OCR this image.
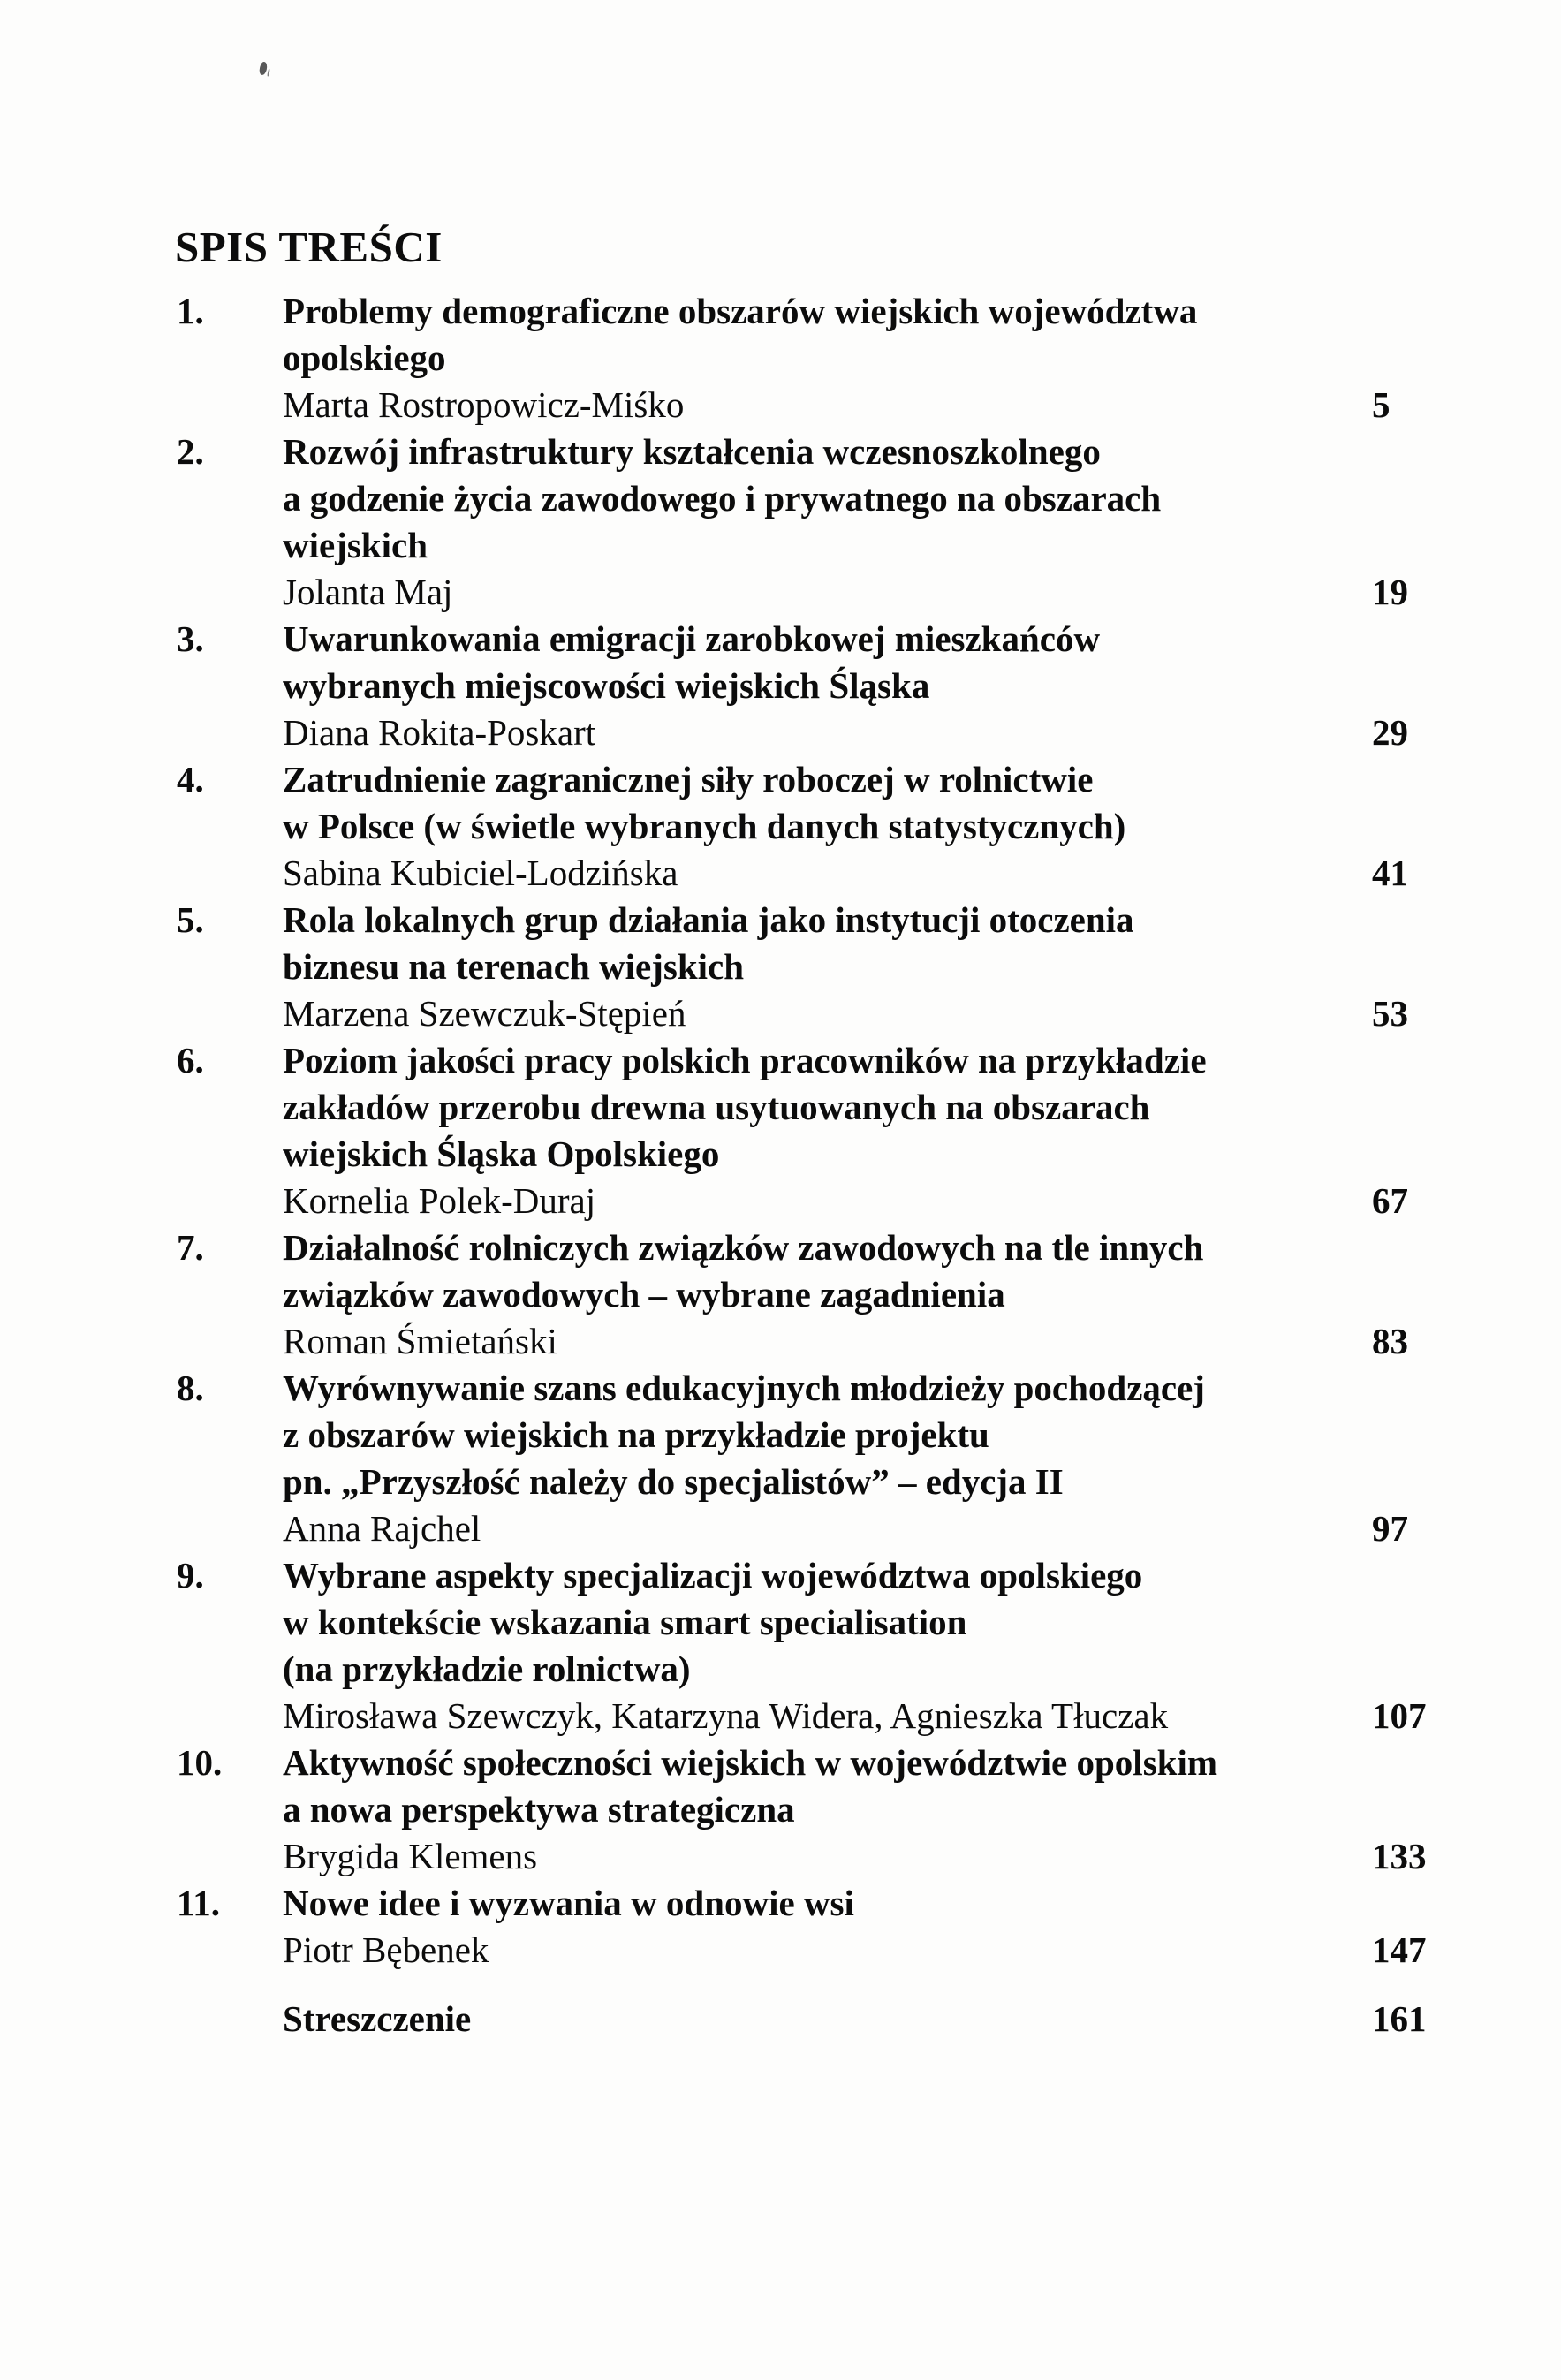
SPIS TREŚCI
1.	Problemy demograficzne obszarów wiejskich województwa
opolskiego
Marta Rostropowicz-Miśko	5
2.	Rozwój infrastruktury kształcenia wczesnoszkolnego
a godzenie życia zawodowego i prywatnego na obszarach
wiejskich
Jolanta Maj	19
3.	Uwarunkowania emigracji zarobkowej mieszkańców
wybranych miejscowości wiejskich Śląska
Diana Rokita-Poskart	29
4.	Zatrudnienie zagranicznej siły roboczej w rolnictwie
w Polsce (w świetle wybranych danych statystycznych)
Sabina Kubiciel-Lodzińska	41
5.	Rola lokalnych grup działania jako instytucji otoczenia
biznesu na terenach wiejskich
Marzena Szewczuk-Stępień	53
6.	Poziom jakości pracy polskich pracowników na przykładzie
zakładów przerobu drewna usytuowanych na obszarach
wiejskich Śląska Opolskiego
Kornelia Polek-Duraj	67
7.	Działalność rolniczych związków zawodowych na tle innych
związków zawodowych – wybrane zagadnienia
Roman Śmietański	83
8.	Wyrównywanie szans edukacyjnych młodzieży pochodzącej
z obszarów wiejskich na przykładzie projektu
pn. „Przyszłość należy do specjalistów” – edycja II
Anna Rajchel	97
9.	Wybrane aspekty specjalizacji województwa opolskiego
w kontekście wskazania smart specialisation
(na przykładzie rolnictwa)
Mirosława Szewczyk, Katarzyna Widera, Agnieszka Tłuczak	107
10.	Aktywność społeczności wiejskich w województwie opolskim
a nowa perspektywa strategiczna
Brygida Klemens	133
11.	Nowe idee i wyzwania w odnowie wsi
Piotr Bębenek	147
Streszczenie	161
